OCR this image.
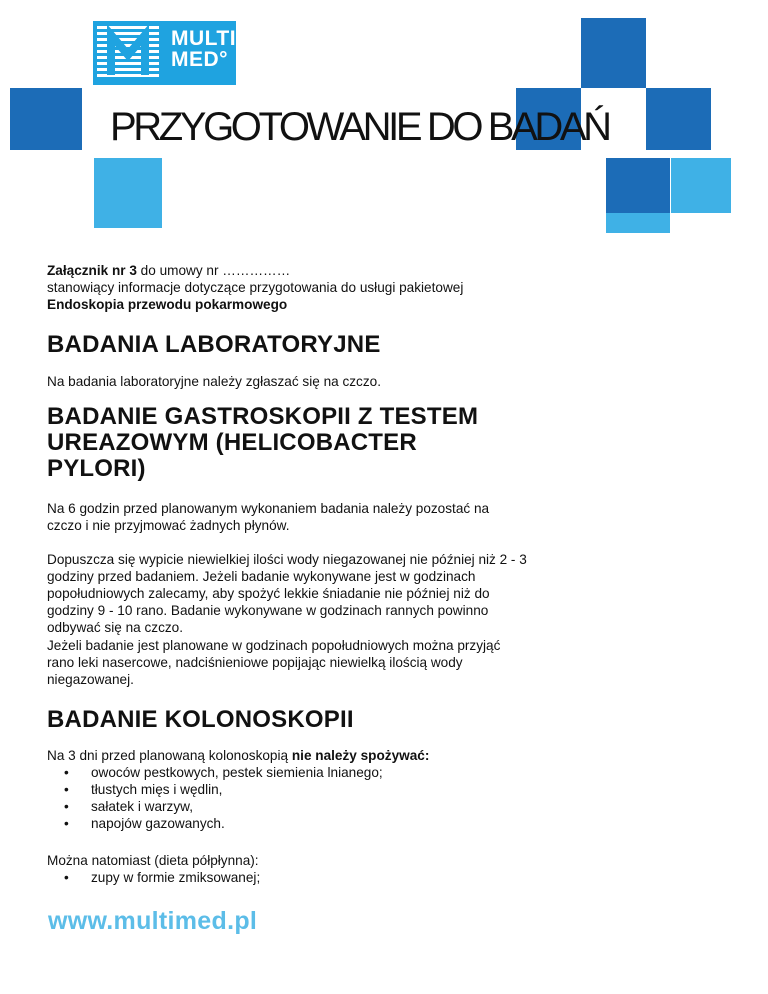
MULTI
MED°
PRZYGOTOWANIE DO BADAŃ
Załącznik nr 3 do umowy nr ……………
stanowiący informacje dotyczące przygotowania do usługi pakietowej
Endoskopia przewodu pokarmowego
BADANIA LABORATORYJNE
Na badania laboratoryjne należy zgłaszać się na czczo.
BADANIE GASTROSKOPII Z TESTEM UREAZOWYM (HELICOBACTER PYLORI)
Na 6 godzin przed planowanym wykonaniem badania należy pozostać na czczo i nie przyjmować żadnych płynów.
Dopuszcza się wypicie niewielkiej ilości wody niegazowanej nie później niż 2 - 3 godziny przed badaniem. Jeżeli badanie wykonywane jest w godzinach popołudniowych zalecamy, aby spożyć lekkie śniadanie nie później niż do godziny 9 - 10 rano. Badanie wykonywane w godzinach rannych powinno odbywać się na czczo.
Jeżeli badanie jest planowane w godzinach popołudniowych można przyjąć rano leki nasercowe, nadciśnieniowe popijając niewielką ilością wody niegazowanej.
BADANIE KOLONOSKOPII
Na 3 dni przed planowaną kolonoskopią nie należy spożywać:
• owoców pestkowych, pestek siemienia lnianego;
• tłustych mięs i wędlin,
• sałatek i warzyw,
• napojów gazowanych.
Można natomiast (dieta półpłynna):
• zupy w formie zmiksowanej;
www.multimed.pl
